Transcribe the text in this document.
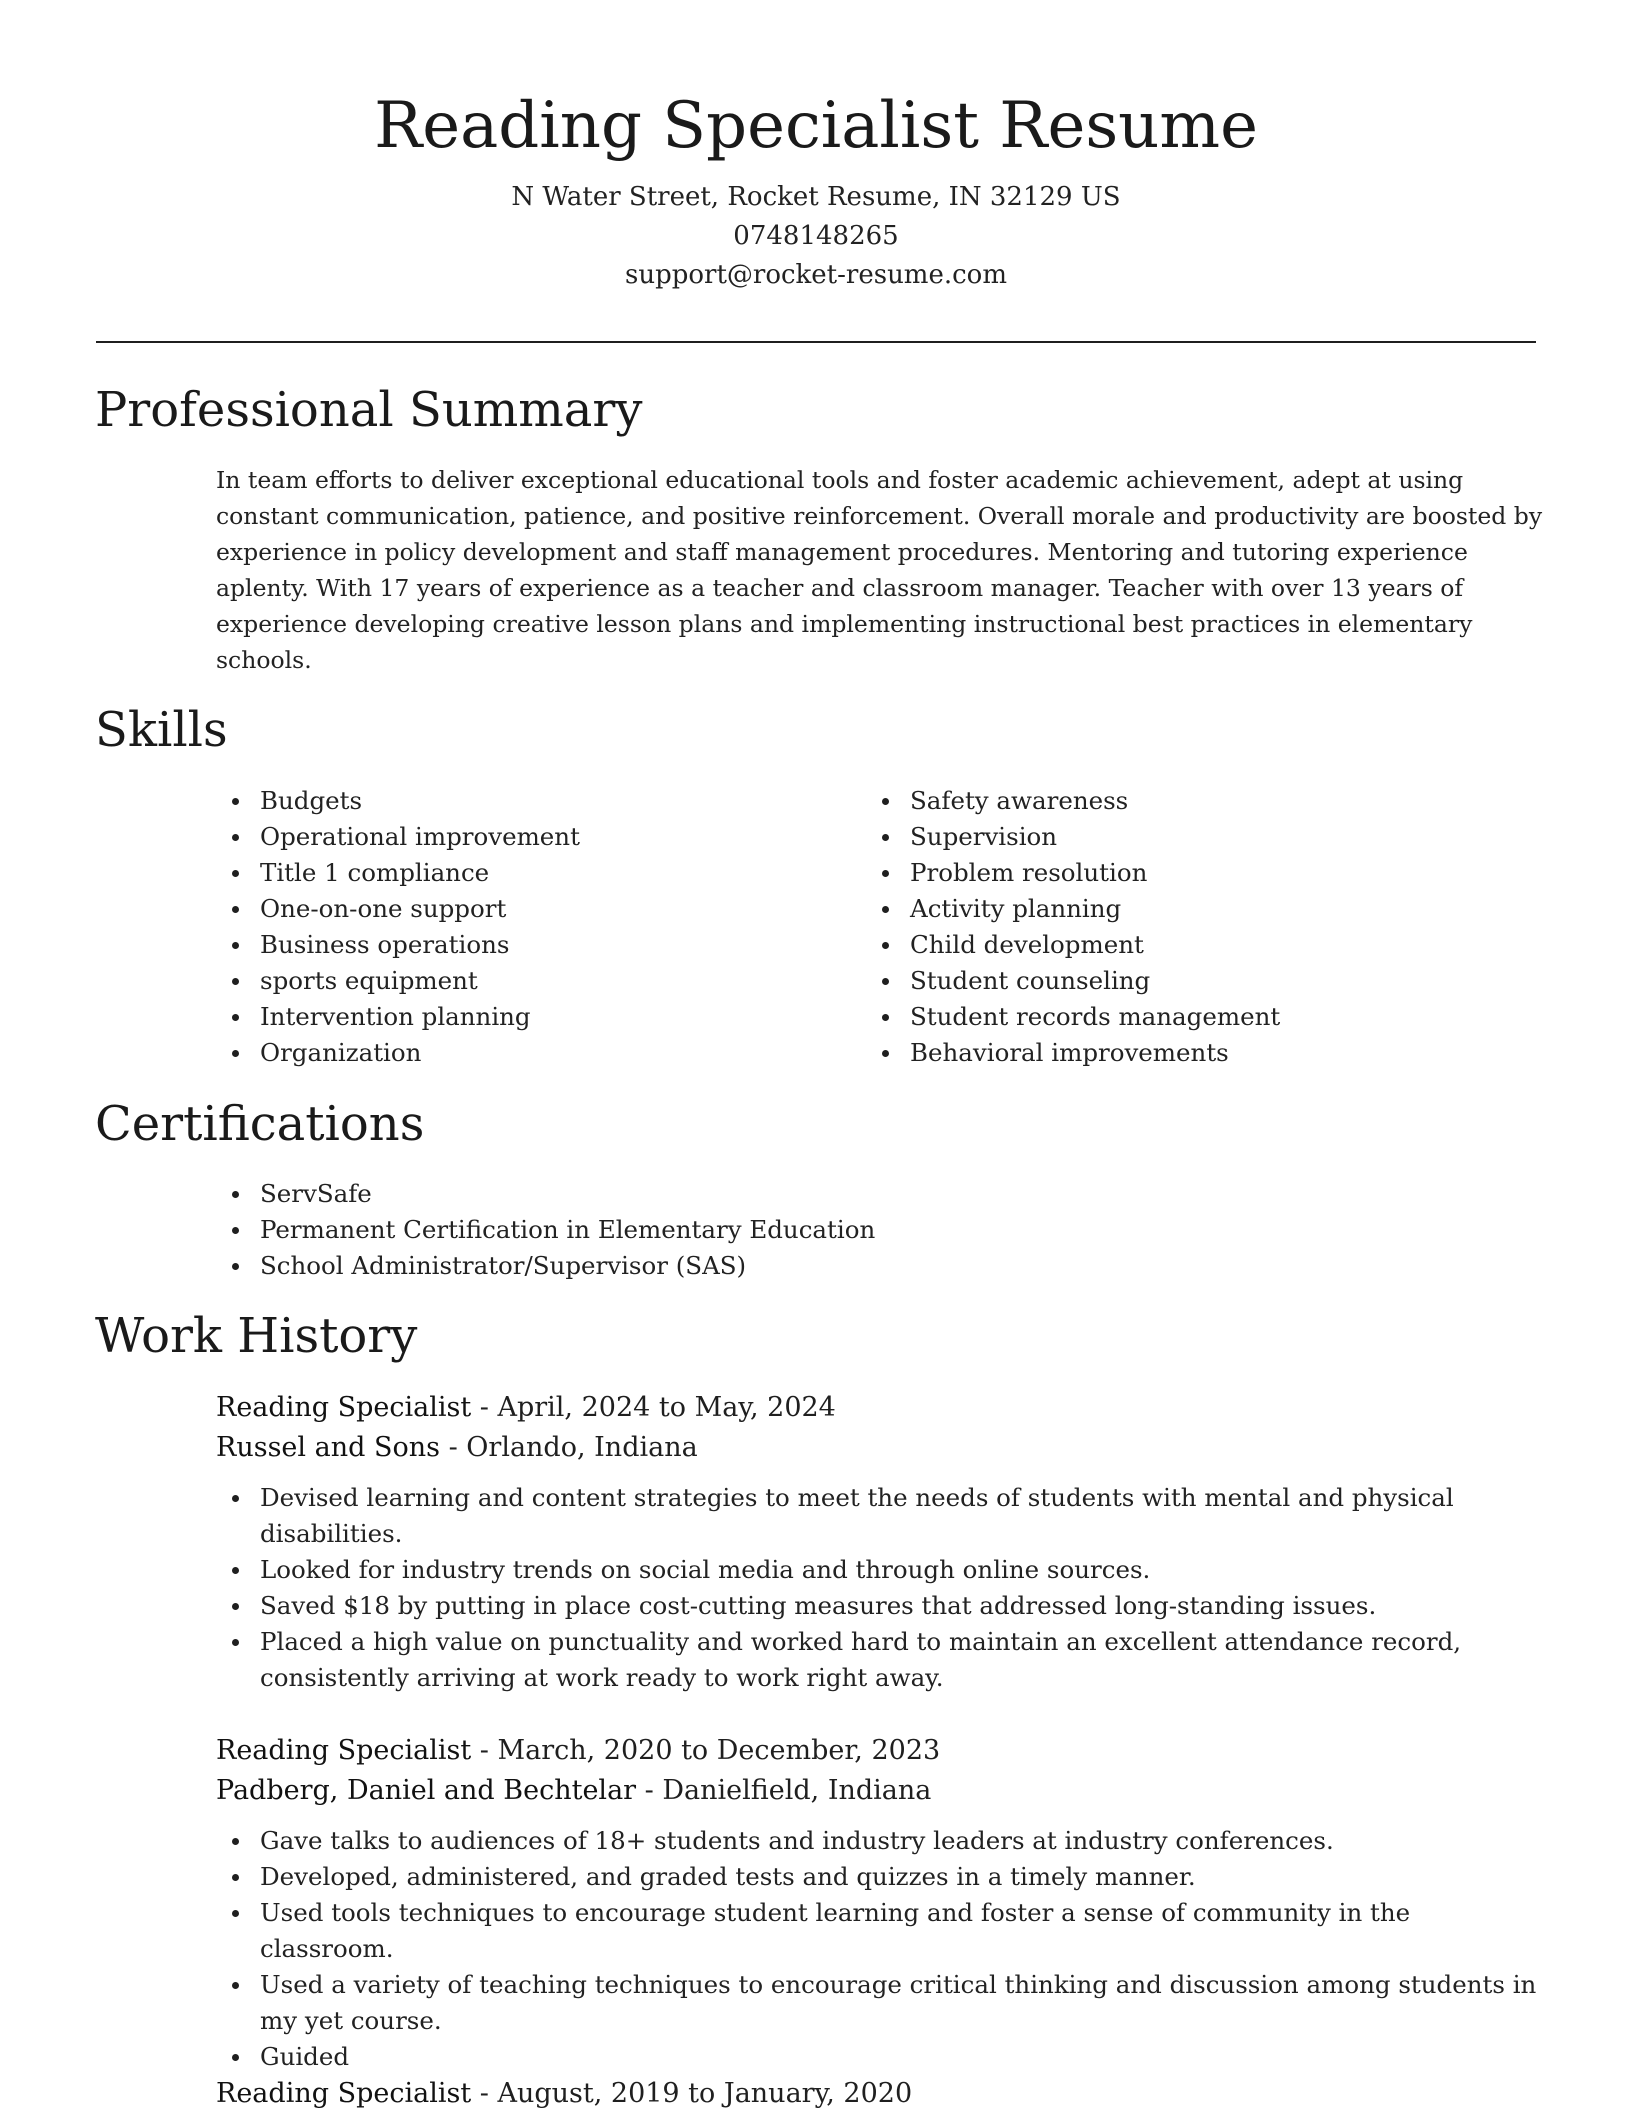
Reading Specialist Resume

N Water Street, Rocket Resume, IN 32129 US

0748148265

support@rocket-resume.com

Professional Summary

In team efforts to deliver exceptional educational tools and foster academic achievement, adept at using constant communication, patience, and positive reinforcement. Overall morale and productivity are boosted by experience in policy development and staff management procedures. Mentoring and tutoring experience aplenty. With 17 years of experience as a teacher and classroom manager. Teacher with over 13 years of experience developing creative lesson plans and implementing instructional best practices in elementary schools.

Skills
Budgets
Operational improvement
Title 1 compliance
One-on-one support
Business operations
sports equipment
Intervention planning
Organization
Safety awareness
Supervision
Problem resolution
Activity planning
Child development
Student counseling
Student records management
Behavioral improvements
Certifications
ServSafe
Permanent Certification in Elementary Education
School Administrator/Supervisor (SAS)
Work History

Reading Specialist - April, 2024 to May, 2024

Russel and Sons - Orlando, Indiana

Devised learning and content strategies to meet the needs of students with mental and physical disabilities.
Looked for industry trends on social media and through online sources.
Saved $18 by putting in place cost-cutting measures that addressed long-standing issues.
Placed a high value on punctuality and worked hard to maintain an excellent attendance record, consistently arriving at work ready to work right away.

Reading Specialist - March, 2020 to December, 2023

Padberg, Daniel and Bechtelar - Danielfield, Indiana

Gave talks to audiences of 18+ students and industry leaders at industry conferences.
Developed, administered, and graded tests and quizzes in a timely manner.
Used tools techniques to encourage student learning and foster a sense of community in the classroom.
Used a variety of teaching techniques to encourage critical thinking and discussion among students in my yet course.
Guided

Reading Specialist - August, 2019 to January, 2020
